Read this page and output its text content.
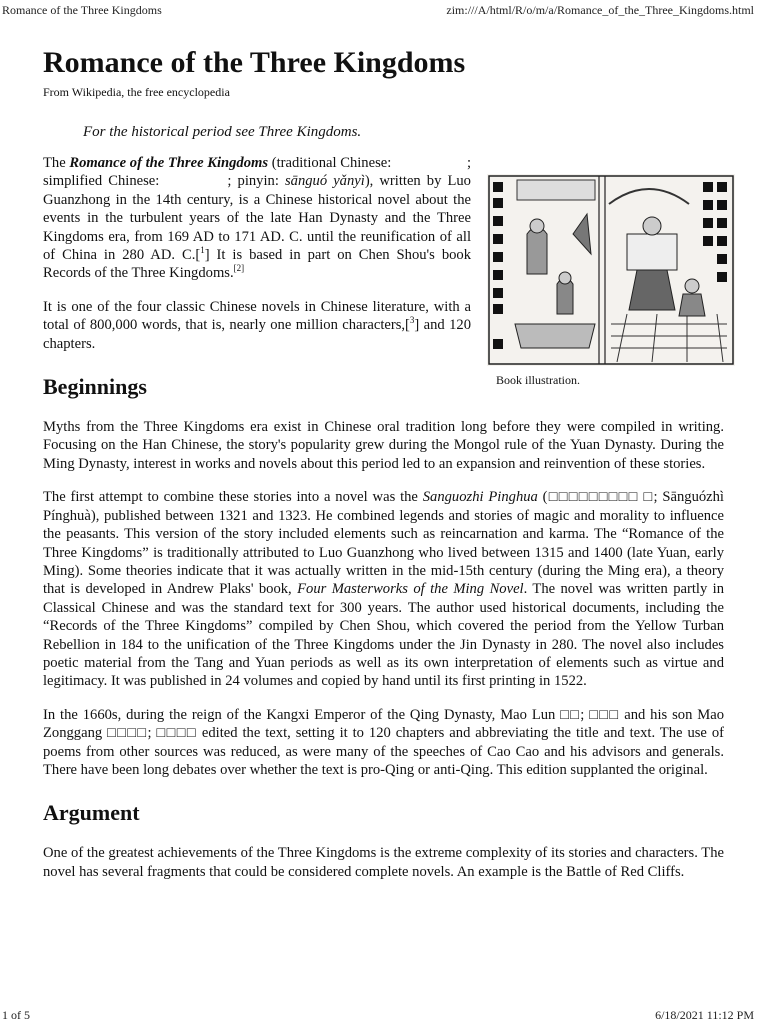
Romance of the Three Kingdoms	zim:///A/html/R/o/m/a/Romance_of_the_Three_Kingdoms.html
Romance of the Three Kingdoms
From Wikipedia, the free encyclopedia
For the historical period see Three Kingdoms.

The Romance of the Three Kingdoms (traditional Chinese:	; simplified Chinese:	; pinyin: sānguó yǎnyì), written by Luo Guanzhong in the 14th century, is a Chinese historical novel about the events in the turbulent years of the late Han Dynasty and the Three Kingdoms era, from 169 AD to 171 AD. C. until the reunification of all of China in 280 AD. C.[$^1$] It is based in part on Chen Shou's book Records of the Three Kingdoms.[2]

It is one of the four classic Chinese novels in Chinese literature, with a total of 800,000 words, that is, nearly one million characters,[$^3$] and 120 chapters.

Beginnings

Myths from the Three Kingdoms era exist in Chinese oral tradition long before they were compiled in writing. Focusing on the Han Chinese, the story's popularity grew during the Mongol rule of the Yuan Dynasty. During the Ming Dynasty, interest in works and novels about this period led to an expansion and reinvention of these stories.

The first attempt to combine these stories into a novel was the Sanguozhi Pinghua (□□□□□□□□□ □; Sānguózhì Pínghuà), published between 1321 and 1323. He combined legends and stories of magic and morality to influence the peasants. This version of the story included elements such as reincarnation and karma. The “Romance of the Three Kingdoms” is traditionally attributed to Luo Guanzhong who lived between 1315 and 1400 (late Yuan, early Ming). Some theories indicate that it was actually written in the mid-15th century (during the Ming era), a theory that is developed in Andrew Plaks' book, Four Masterworks of the Ming Novel. The novel was written partly in Classical Chinese and was the standard text for 300 years. The author used historical documents, including the “Records of the Three Kingdoms” compiled by Chen Shou, which covered the period from the Yellow Turban Rebellion in 184 to the unification of the Three Kingdoms under the Jin Dynasty in 280. The novel also includes poetic material from the Tang and Yuan periods as well as its own interpretation of elements such as virtue and legitimacy. It was published in 24 volumes and copied by hand until its first printing in 1522.

In the 1660s, during the reign of the Kangxi Emperor of the Qing Dynasty, Mao Lun □□; □□□ and his son Mao Zonggang □□□□; □□□□ edited the text, setting it to 120 chapters and abbreviating the title and text. The use of poems from other sources was reduced, as were many of the speeches of Cao Cao and his advisors and generals. There have been long debates over whether the text is pro-Qing or anti-Qing. This edition supplanted the original.

Argument

One of the greatest achievements of the Three Kingdoms is the extreme complexity of its stories and characters. The novel has several fragments that could be considered complete novels. An example is the Battle of Red Cliffs.

Book illustration.
1 of 5	6/18/2021 11:12 PM
